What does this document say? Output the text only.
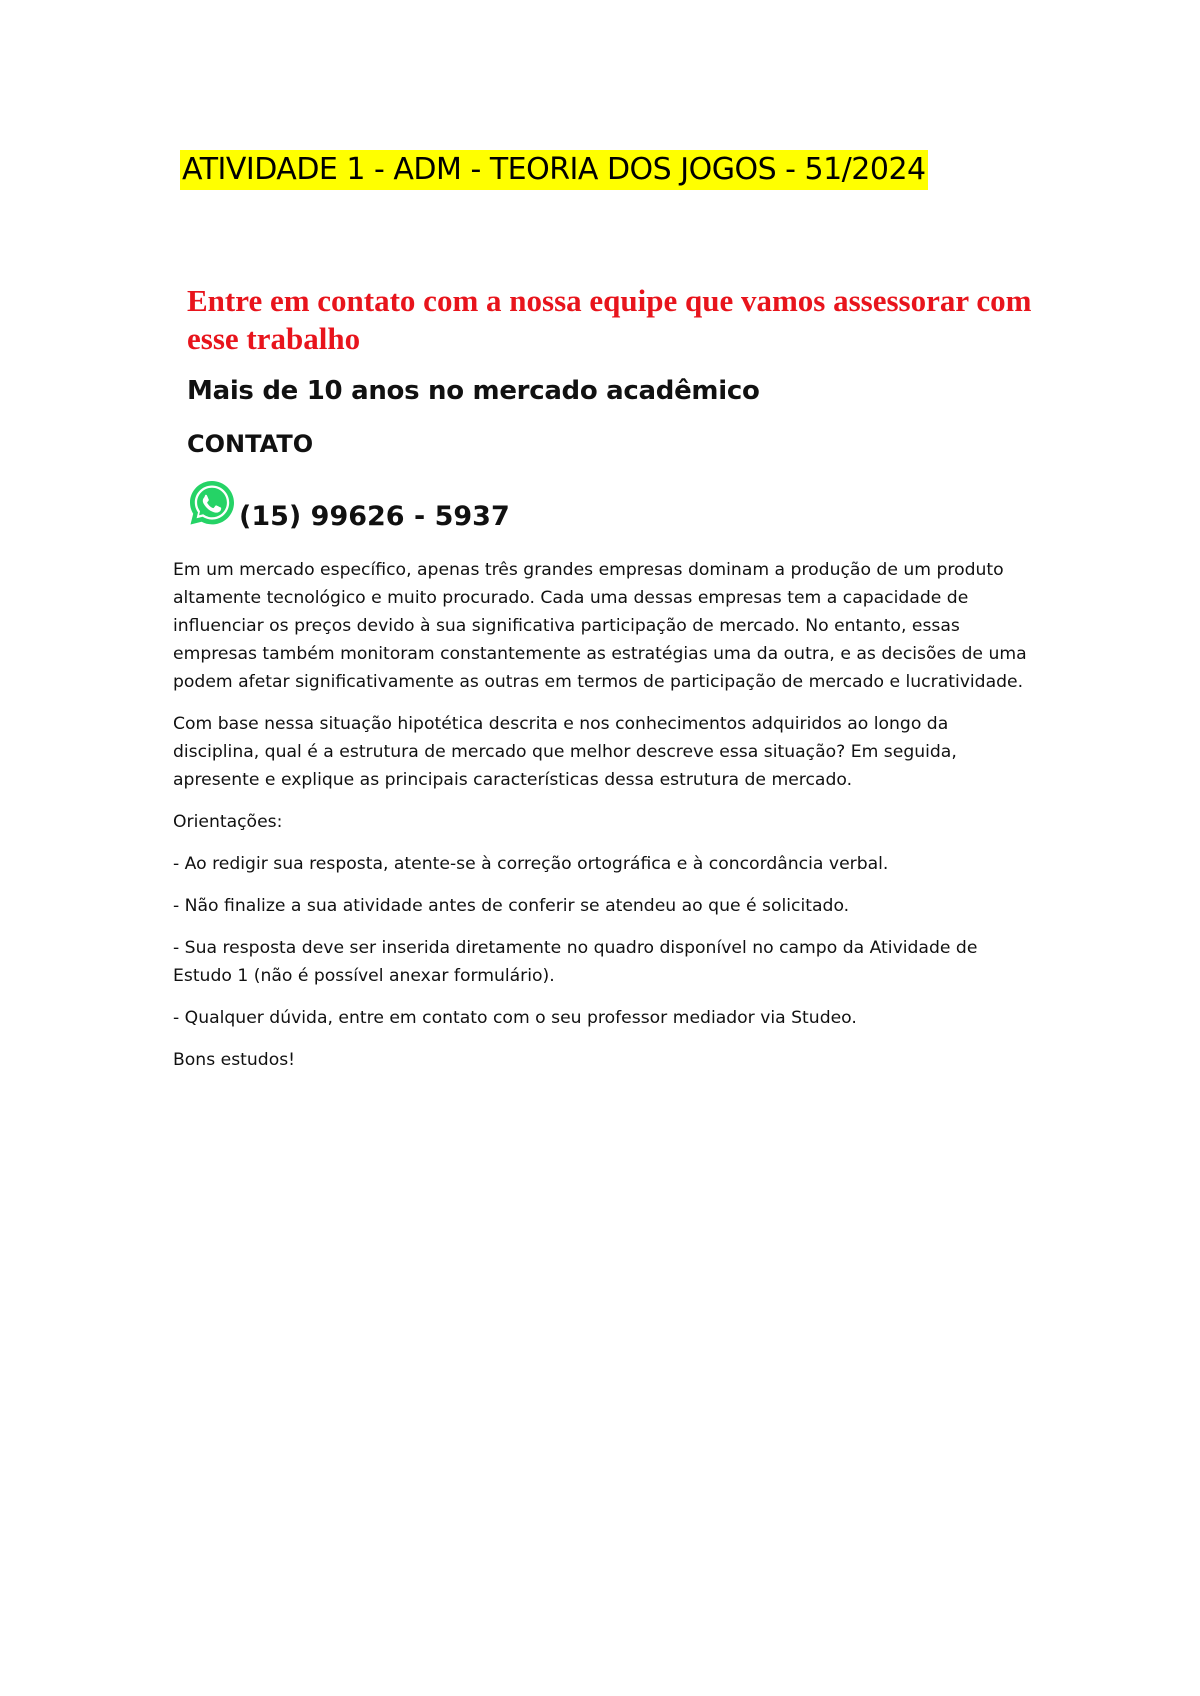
ATIVIDADE 1 - ADM - TEORIA DOS JOGOS - 51/2024

Entre em contato com a nossa equipe que vamos assessorar com esse trabalho

Mais de 10 anos no mercado acadêmico

CONTATO

(15) 99626 - 5937

Em um mercado específico, apenas três grandes empresas dominam a produção de um produto altamente tecnológico e muito procurado. Cada uma dessas empresas tem a capacidade de influenciar os preços devido à sua significativa participação de mercado. No entanto, essas empresas também monitoram constantemente as estratégias uma da outra, e as decisões de uma podem afetar significativamente as outras em termos de participação de mercado e lucratividade.

Com base nessa situação hipotética descrita e nos conhecimentos adquiridos ao longo da disciplina, qual é a estrutura de mercado que melhor descreve essa situação? Em seguida, apresente e explique as principais características dessa estrutura de mercado.

Orientações:

- Ao redigir sua resposta, atente-se à correção ortográfica e à concordância verbal.

- Não finalize a sua atividade antes de conferir se atendeu ao que é solicitado.

- Sua resposta deve ser inserida diretamente no quadro disponível no campo da Atividade de Estudo 1 (não é possível anexar formulário).

- Qualquer dúvida, entre em contato com o seu professor mediador via Studeo.

Bons estudos!
